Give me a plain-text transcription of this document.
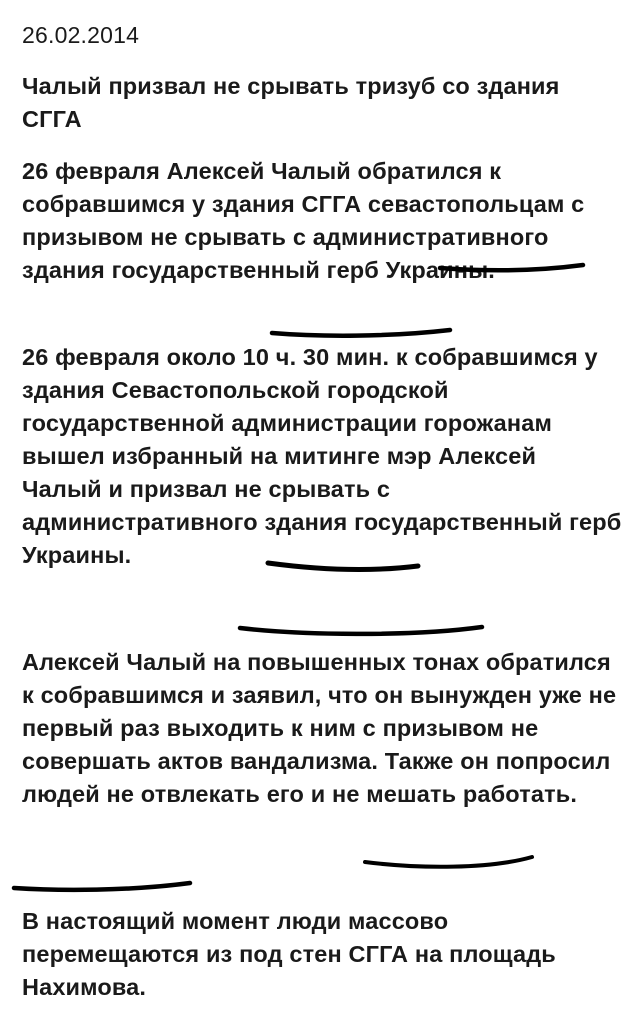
26.02.2014

Чалый призвал не срывать тризуб со здания СГГА

26 февраля Алексей Чалый обратился к собравшимся у здания СГГА севастопольцам с призывом не срывать с административного здания государственный герб Украины.

26 февраля около 10 ч. 30 мин. к собравшимся у здания Севастопольской городской государственной администрации горожанам вышел избранный на митинге мэр Алексей Чалый и призвал не срывать с административного здания государственный герб Украины.

Алексей Чалый на повышенных тонах обратился к собравшимся и заявил, что он вынужден уже не первый раз выходить к ним с призывом не совершать актов вандализма. Также он попросил людей не отвлекать его и не мешать работать.

В настоящий момент люди массово перемещаются из под стен СГГА на площадь Нахимова.
